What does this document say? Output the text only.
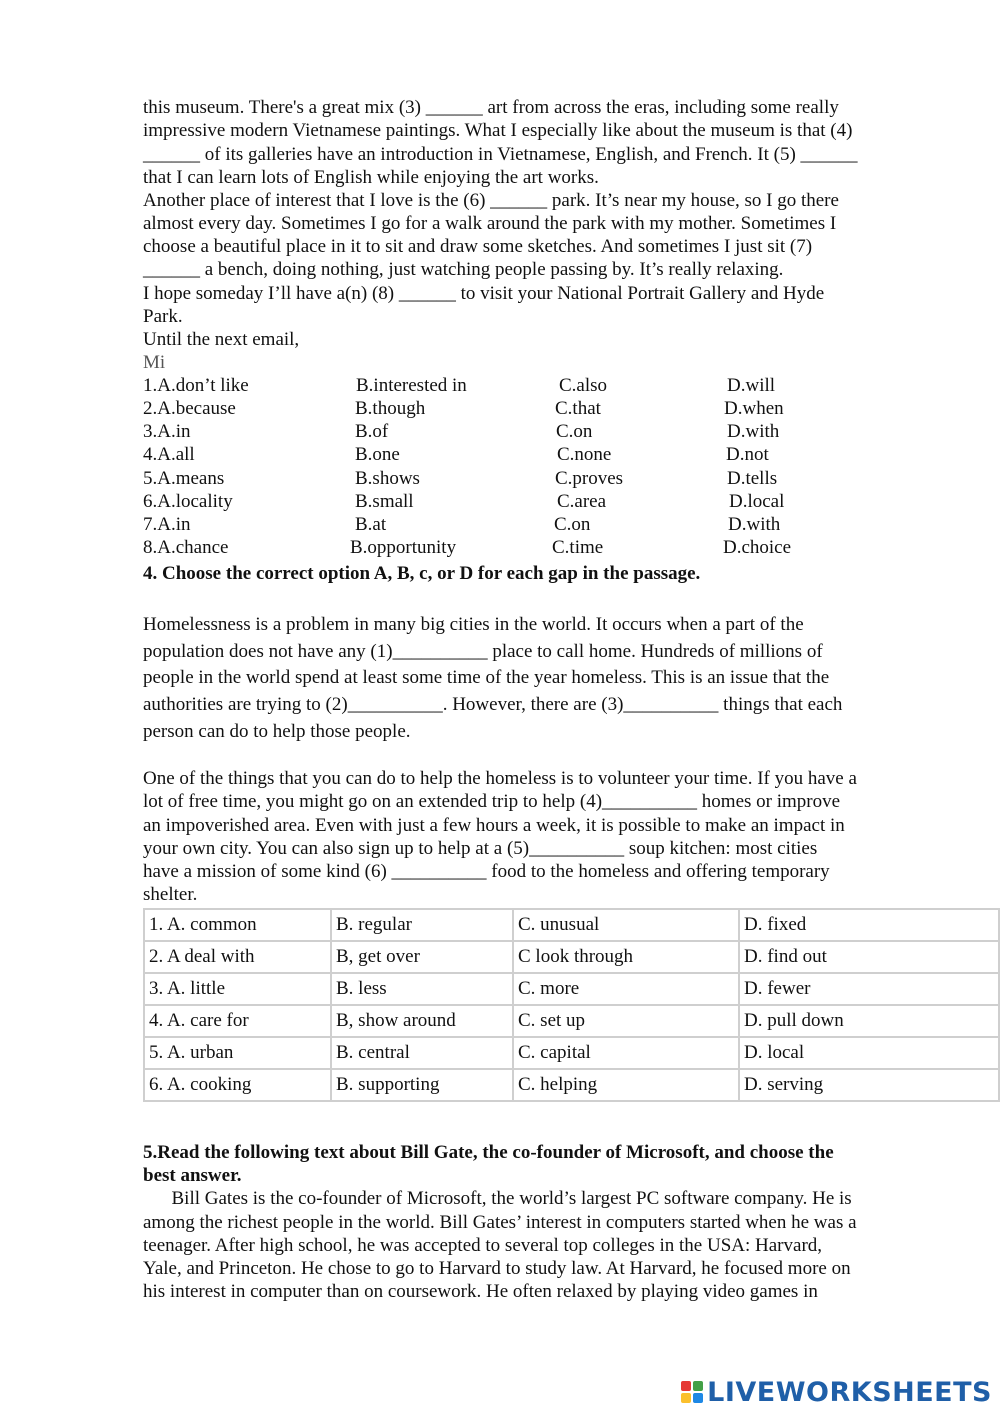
this museum. There's a great mix (3) ______ art from across the eras, including some really
impressive modern Vietnamese paintings. What I especially like about the museum is that (4)
______ of its galleries have an introduction in Vietnamese, English, and French. It (5) ______
that I can learn lots of English while enjoying the art works.
Another place of interest that I love is the (6) ______ park. It’s near my house, so I go there
almost every day. Sometimes I go for a walk around the park with my mother. Sometimes I
choose a beautiful place in it to sit and draw some sketches. And sometimes I just sit (7)
______ a bench, doing nothing, just watching people passing by. It’s really relaxing.
I hope someday I’ll have a(n) (8) ______ to visit your National Portrait Gallery and Hyde
Park.
Until the next email,
Mi
1.A.don’t like	B.interested in	C.also	D.will
2.A.because	B.though	C.that	D.when
3.A.in	B.of	C.on	D.with
4.A.all	B.one	C.none	D.not
5.A.means	B.shows	C.proves	D.tells
6.A.locality	B.small	C.area	D.local
7.A.in	B.at	C.on	D.with
8.A.chance	B.opportunity	C.time	D.choice
4. Choose the correct option A, B, c, or D for each gap in the passage.
Homelessness is a problem in many big cities in the world. It occurs when a part of the
population does not have any (1)__________ place to call home. Hundreds of millions of
people in the world spend at least some time of the year homeless. This is an issue that the
authorities are trying to (2)__________. However, there are (3)__________ things that each
person can do to help those people.
One of the things that you can do to help the homeless is to volunteer your time. If you have a
lot of free time, you might go on an extended trip to help (4)__________ homes or improve
an impoverished area. Even with just a few hours a week, it is possible to make an impact in
your own city. You can also sign up to help at a (5)__________ soup kitchen: most cities
have a mission of some kind (6) __________ food to the homeless and offering temporary
shelter.
1. A. common	B. regular	C. unusual	D. fixed
2. A deal with	B, get over	C look through	D. find out
3. A. little	B. less	C. more	D. fewer
4. A. care for	B, show around	C. set up	D. pull down
5. A. urban	B. central	C. capital	D. local
6. A. cooking	B. supporting	C. helping	D. serving
5.Read the following text about Bill Gate, the co-founder of Microsoft, and choose the
best answer.
Bill Gates is the co-founder of Microsoft, the world’s largest PC software company. He is
among the richest people in the world. Bill Gates’ interest in computers started when he was a
teenager. After high school, he was accepted to several top colleges in the USA: Harvard,
Yale, and Princeton. He chose to go to Harvard to study law. At Harvard, he focused more on
his interest in computer than on coursework. He often relaxed by playing video games in
LIVEWORKSHEETS
